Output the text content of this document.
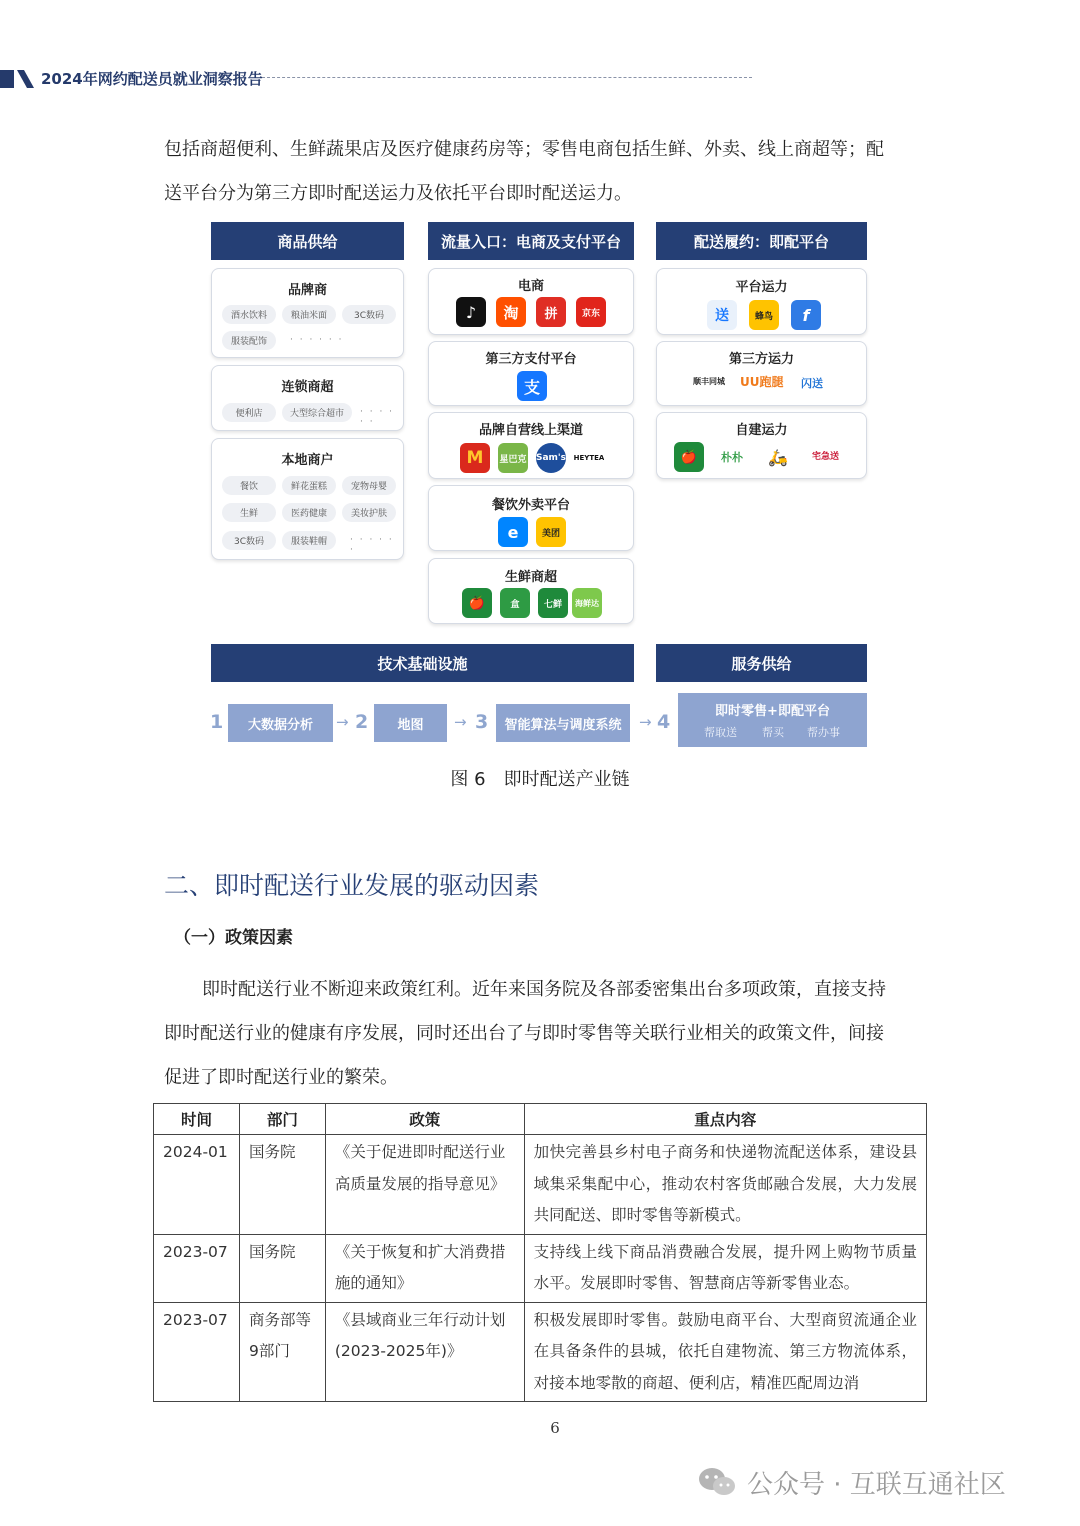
2024年网约配送员就业洞察报告
包括商超便利、生鲜蔬果店及医疗健康药房等；零售电商包括生鲜、外卖、线上商超等；配
送平台分为第三方即时配送运力及依托平台即时配送运力。
商品供给
品牌商
酒水饮料	粮油米面	3C数码
服装配饰	· · · · · ·
连锁商超
便利店	大型综合超市	· · · · · ·
本地商户
餐饮	鲜花蛋糕	宠物母婴
生鲜	医药健康	美妆护肤
3C数码	服装鞋帽	· · · · · ·
流量入口：电商及支付平台
电商
♪	淘	拼	京东
第三方支付平台
支
品牌自营线上渠道
M	星巴克 Sam's HEYTEA
餐饮外卖平台
e	美团
生鲜商超
🍎	盒	七鲜	海鲜达
配送履约：即配平台
平台运力
送	蜂鸟	f
第三方运力
顺丰同城 UU跑腿 闪送
自建运力
🍎	朴朴	🛵	宅急送
技术基础设施	服务供给
1	大数据分析	→ 2	地图	→ 3	智能算法与调度系统	→ 4	即时零售+即配平台
帮取送 帮买 帮办事
图 6　即时配送产业链
二、即时配送行业发展的驱动因素
（一）政策因素
即时配送行业不断迎来政策红利。近年来国务院及各部委密集出台多项政策，直接支持
即时配送行业的健康有序发展，同时还出台了与即时零售等关联行业相关的政策文件，间接
促进了即时配送行业的繁荣。
时间	部门	政策	重点内容
2024-01	国务院	《关于促进即时配送行业高质量发展的指导意见》	加快完善县乡村电子商务和快递物流配送体系，建设县域集采集配中心，推动农村客货邮融合发展，大力发展共同配送、即时零售等新模式。
2023-07	国务院	《关于恢复和扩大消费措施的通知》	支持线上线下商品消费融合发展，提升网上购物节质量水平。发展即时零售、智慧商店等新零售业态。
2023-07	商务部等9部门	《县域商业三年行动计划(2023-2025年)》	积极发展即时零售。鼓励电商平台、大型商贸流通企业在具备条件的县城，依托自建物流、第三方物流体系，对接本地零散的商超、便利店，精准匹配周边消
6
公众号 · 互联互通社区
